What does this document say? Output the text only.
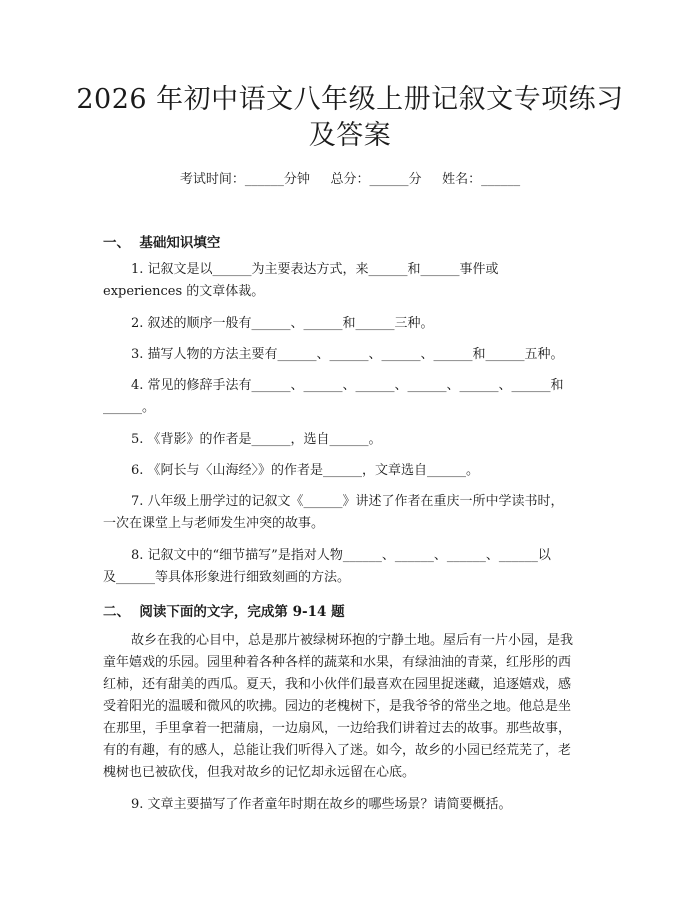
2026 年初中语文八年级上册记叙文专项练习
及答案
考试时间：______分钟     总分：______分     姓名：______
一、  基础知识填空
1. 记叙文是以______为主要表达方式，来______和______事件或
experiences 的文章体裁。
2. 叙述的顺序一般有______、______和______三种。
3. 描写人物的方法主要有______、______、______、______和______五种。
4. 常见的修辞手法有______、______、______、______、______、______和
______。
5. 《背影》的作者是______，选自______。
6. 《阿长与〈山海经〉》的作者是______，文章选自______。
7. 八年级上册学过的记叙文《______》讲述了作者在重庆一所中学读书时，
一次在课堂上与老师发生冲突的故事。
8. 记叙文中的“细节描写”是指对人物______、______、______、______以
及______等具体形象进行细致刻画的方法。
二、  阅读下面的文字，完成第 9-14 题
故乡在我的心目中，总是那片被绿树环抱的宁静土地。屋后有一片小园，是我
童年嬉戏的乐园。园里种着各种各样的蔬菜和水果，有绿油油的青菜，红彤彤的西
红柿，还有甜美的西瓜。夏天，我和小伙伴们最喜欢在园里捉迷藏，追逐嬉戏，感
受着阳光的温暖和微风的吹拂。园边的老槐树下，是我爷爷的常坐之地。他总是坐
在那里，手里拿着一把蒲扇，一边扇风，一边给我们讲着过去的故事。那些故事，
有的有趣，有的感人，总能让我们听得入了迷。如今，故乡的小园已经荒芜了，老
槐树也已被砍伐，但我对故乡的记忆却永远留在心底。
9. 文章主要描写了作者童年时期在故乡的哪些场景？请简要概括。
